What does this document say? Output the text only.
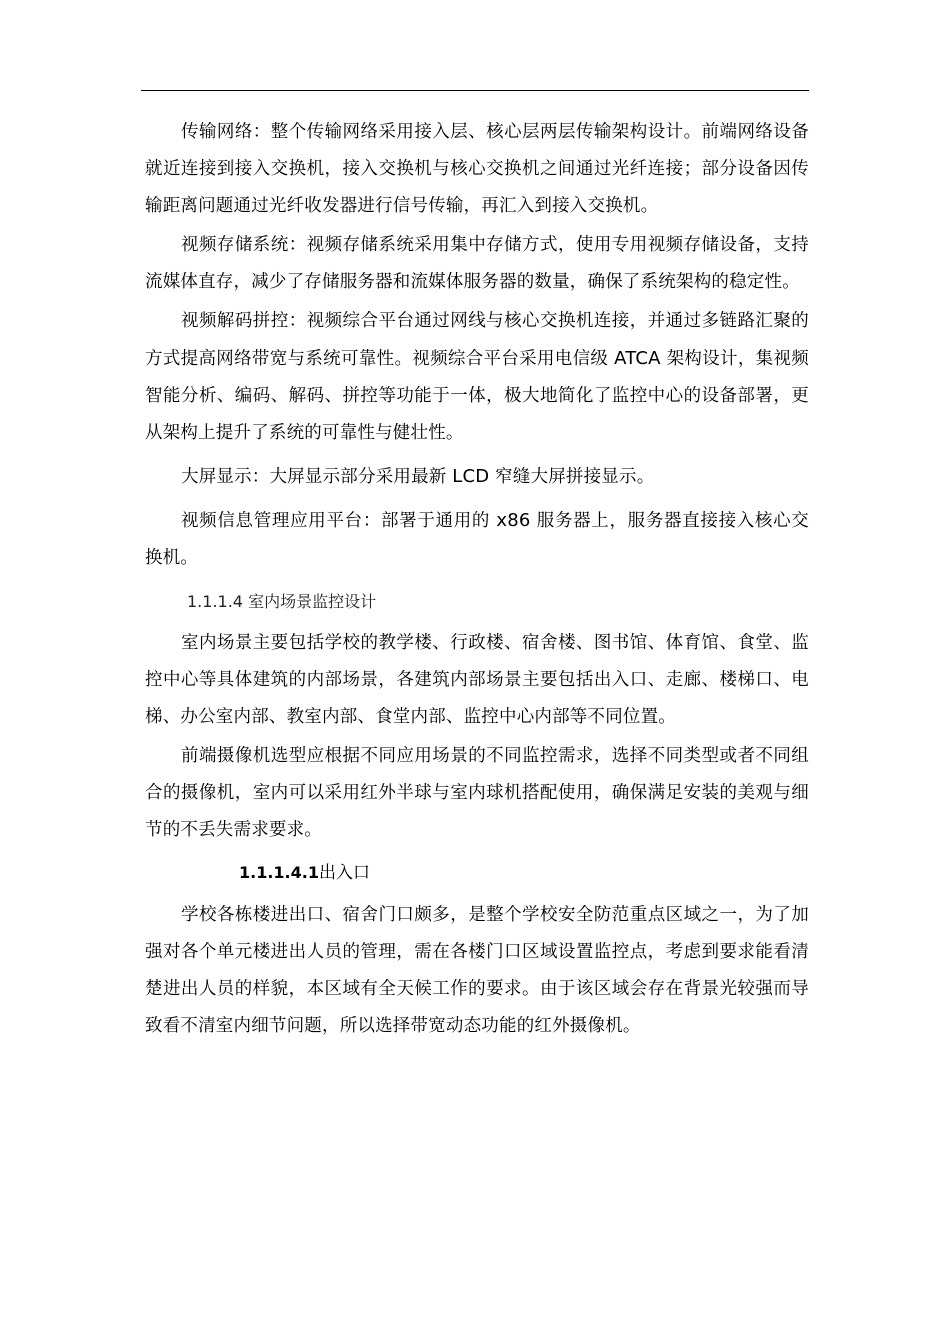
传输网络：整个传输网络采用接入层、核心层两层传输架构设计。前端网络设备就近连接到接入交换机，接入交换机与核心交换机之间通过光纤连接；部分设备因传输距离问题通过光纤收发器进行信号传输，再汇入到接入交换机。

视频存储系统：视频存储系统采用集中存储方式，使用专用视频存储设备，支持流媒体直存，减少了存储服务器和流媒体服务器的数量，确保了系统架构的稳定性。

视频解码拼控：视频综合平台通过网线与核心交换机连接，并通过多链路汇聚的方式提高网络带宽与系统可靠性。视频综合平台采用电信级 ATCA 架构设计，集视频智能分析、编码、解码、拼控等功能于一体，极大地简化了监控中心的设备部署，更从架构上提升了系统的可靠性与健壮性。

大屏显示：大屏显示部分采用最新 LCD 窄缝大屏拼接显示。

视频信息管理应用平台：部署于通用的 x86 服务器上，服务器直接接入核心交换机。

1.1.1.4 室内场景监控设计

室内场景主要包括学校的教学楼、行政楼、宿舍楼、图书馆、体育馆、食堂、监控中心等具体建筑的内部场景，各建筑内部场景主要包括出入口、走廊、楼梯口、电梯、办公室内部、教室内部、食堂内部、监控中心内部等不同位置。

前端摄像机选型应根据不同应用场景的不同监控需求，选择不同类型或者不同组合的摄像机，室内可以采用红外半球与室内球机搭配使用，确保满足安装的美观与细节的不丢失需求要求。

1.1.1.4.1出入口

学校各栋楼进出口、宿舍门口颇多，是整个学校安全防范重点区域之一，为了加强对各个单元楼进出人员的管理，需在各楼门口区域设置监控点，考虑到要求能看清楚进出人员的样貌，本区域有全天候工作的要求。由于该区域会存在背景光较强而导致看不清室内细节问题，所以选择带宽动态功能的红外摄像机。
